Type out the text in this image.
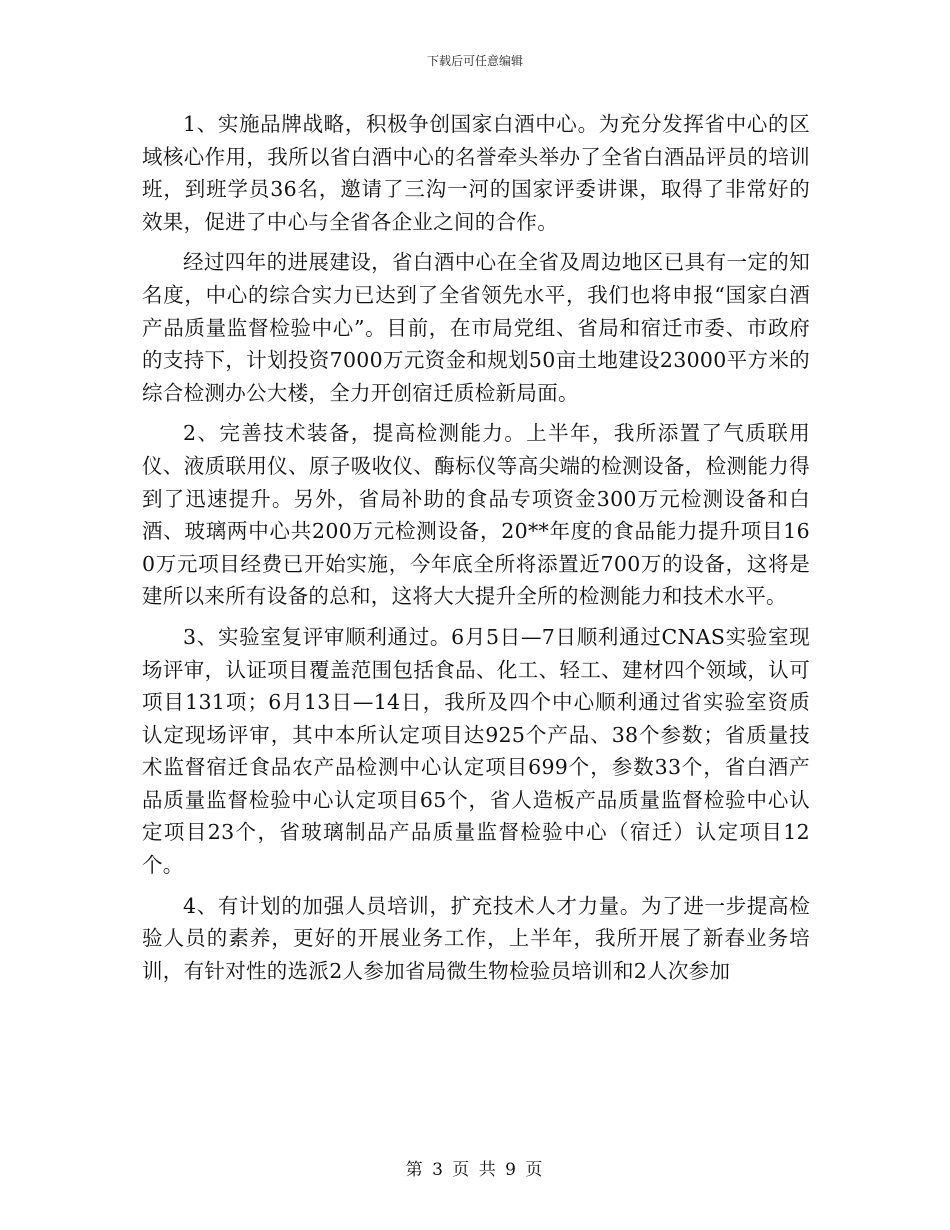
下载后可任意编辑

1、实施品牌战略，积极争创国家白酒中心。为充分发挥省中心的区域核心作用，我所以省白酒中心的名誉牵头举办了全省白酒品评员的培训班，到班学员36名，邀请了三沟一河的国家评委讲课，取得了非常好的效果，促进了中心与全省各企业之间的合作。

经过四年的进展建设，省白酒中心在全省及周边地区已具有一定的知名度，中心的综合实力已达到了全省领先水平，我们也将申报“国家白酒产品质量监督检验中心”。目前，在市局党组、省局和宿迁市委、市政府的支持下，计划投资7000万元资金和规划50亩土地建设23000平方米的综合检测办公大楼，全力开创宿迁质检新局面。

2、完善技术装备，提高检测能力。上半年，我所添置了气质联用仪、液质联用仪、原子吸收仪、酶标仪等高尖端的检测设备，检测能力得到了迅速提升。另外，省局补助的食品专项资金300万元检测设备和白酒、玻璃两中心共200万元检测设备，20**年度的食品能力提升项目160万元项目经费已开始实施，今年底全所将添置近700万的设备，这将是建所以来所有设备的总和，这将大大提升全所的检测能力和技术水平。

3、实验室复评审顺利通过。6月5日—7日顺利通过CNAS实验室现场评审，认证项目覆盖范围包括食品、化工、轻工、建材四个领域，认可项目131项；6月13日—14日，我所及四个中心顺利通过省实验室资质认定现场评审，其中本所认定项目达925个产品、38个参数；省质量技术监督宿迁食品农产品检测中心认定项目699个，参数33个，省白酒产品质量监督检验中心认定项目65个，省人造板产品质量监督检验中心认定项目23个，省玻璃制品产品质量监督检验中心（宿迁）认定项目12个。

4、有计划的加强人员培训，扩充技术人才力量。为了进一步提高检验人员的素养，更好的开展业务工作，上半年，我所开展了新春业务培训，有针对性的选派2人参加省局微生物检验员培训和2人次参加

第 3 页 共 9 页
